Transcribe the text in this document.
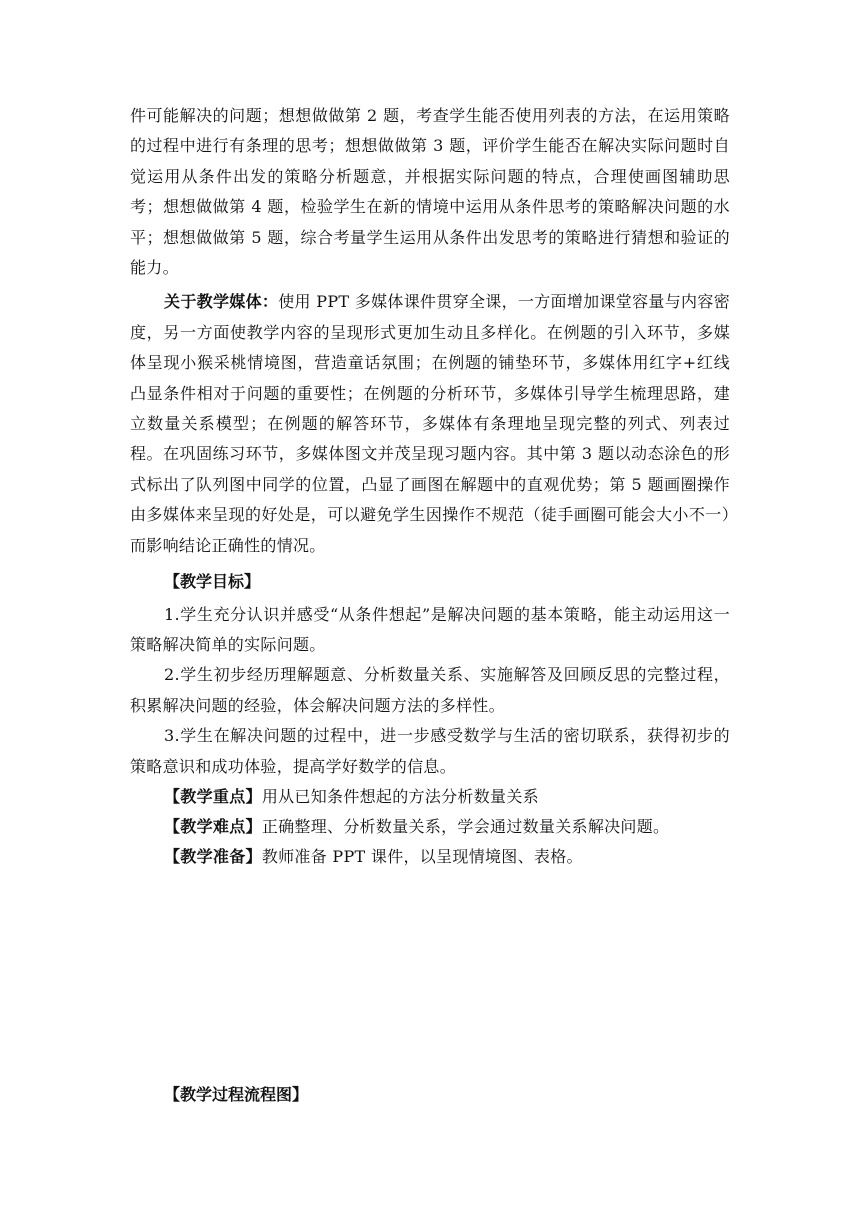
件可能解决的问题；想想做做第 2 题，考查学生能否使用列表的方法，在运用策略的过程中进行有条理的思考；想想做做第 3 题，评价学生能否在解决实际问题时自觉运用从条件出发的策略分析题意，并根据实际问题的特点，合理使画图辅助思考；想想做做第 4 题，检验学生在新的情境中运用从条件思考的策略解决问题的水平；想想做做第 5 题，综合考量学生运用从条件出发思考的策略进行猜想和验证的能力。

关于教学媒体：使用 PPT 多媒体课件贯穿全课，一方面增加课堂容量与内容密度，另一方面使教学内容的呈现形式更加生动且多样化。在例题的引入环节，多媒体呈现小猴采桃情境图，营造童话氛围；在例题的铺垫环节，多媒体用红字+红线凸显条件相对于问题的重要性；在例题的分析环节，多媒体引导学生梳理思路，建立数量关系模型；在例题的解答环节，多媒体有条理地呈现完整的列式、列表过程。在巩固练习环节，多媒体图文并茂呈现习题内容。其中第 3 题以动态涂色的形式标出了队列图中同学的位置，凸显了画图在解题中的直观优势；第 5 题画圈操作由多媒体来呈现的好处是，可以避免学生因操作不规范（徒手画圈可能会大小不一）而影响结论正确性的情况。

【教学目标】

1.学生充分认识并感受“从条件想起”是解决问题的基本策略，能主动运用这一策略解决简单的实际问题。

2.学生初步经历理解题意、分析数量关系、实施解答及回顾反思的完整过程，积累解决问题的经验，体会解决问题方法的多样性。

3.学生在解决问题的过程中，进一步感受数学与生活的密切联系，获得初步的策略意识和成功体验，提高学好数学的信息。

【教学重点】用从已知条件想起的方法分析数量关系

【教学难点】正确整理、分析数量关系，学会通过数量关系解决问题。

【教学准备】教师准备 PPT 课件，以呈现情境图、表格。

【教学过程流程图】
